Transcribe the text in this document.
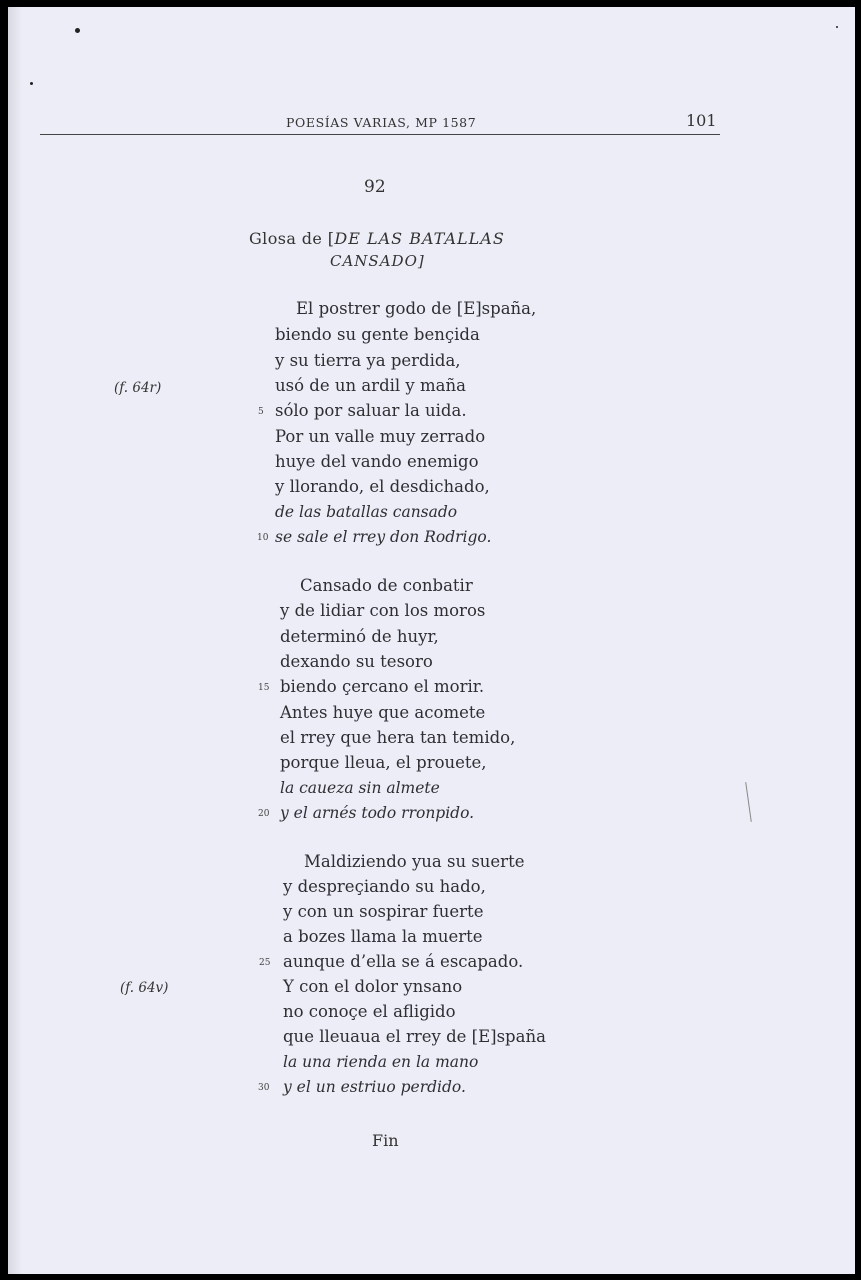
POESÍAS VARIAS, MP 1587	101
92
Glosa de [DE LAS BATALLAS
CANSADO]
El postrer godo de [E]spaña,
biendo su gente bençida
y su tierra ya perdida,
usó de un ardil y maña
sólo por saluar la uida.
Por un valle muy zerrado
huye del vando enemigo
y llorando, el desdichado,
de las batallas cansado
se sale el rrey don Rodrigo.
Cansado de conbatir
y de lidiar con los moros
determinó de huyr,
dexando su tesoro
biendo çercano el morir.
Antes huye que acomete
el rrey que hera tan temido,
porque lleua, el prouete,
la caueza sin almete
y el arnés todo rronpido.
Maldiziendo yua su suerte
y despreçiando su hado,
y con un sospirar fuerte
a bozes llama la muerte
aunque d’ella se á escapado.
Y con el dolor ynsano
no conoçe el afligido
que lleuaua el rrey de [E]spaña
la una rienda en la mano
y el un estriuo perdido.
5
10
15
20
25
30
(f. 64r)
(f. 64v)
Fin
